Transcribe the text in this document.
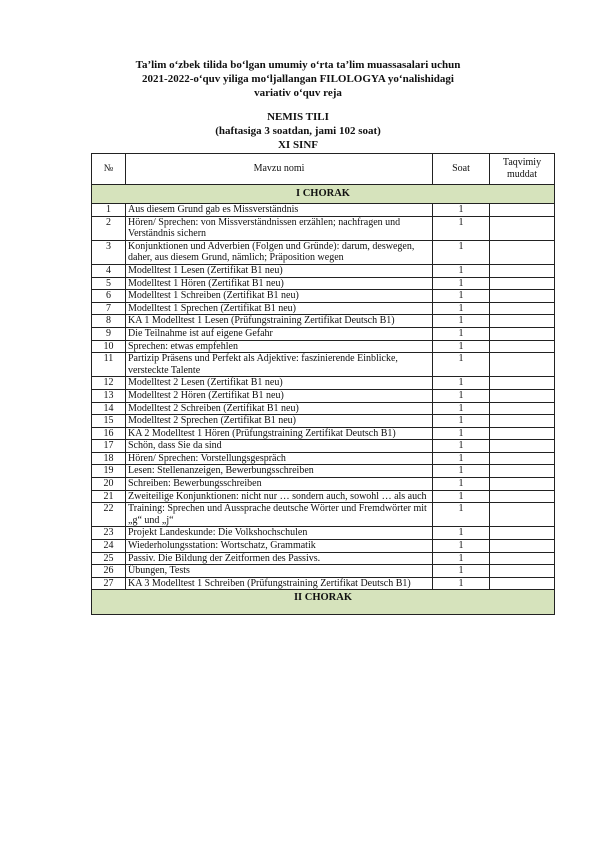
Ta’lim o‘zbek tilida bo‘lgan umumiy o‘rta ta’lim muassasalari uchun
2021-2022-o‘quv yiliga mo‘ljallangan FILOLOGYA yo‘nalishidagi
variativ o‘quv reja
NEMIS TILI
(haftasiga 3 soatdan, jami 102 soat)
XI SINF
№	Mavzu nomi	Soat	Taqvimiy muddat
I CHORAK			
1	Aus diesem Grund gab es Missverständnis	1	
2	Hören/ Sprechen: von Missverständnissen erzählen; nachfragen und Verständnis sichern	1	
3	Konjunktionen und Adverbien (Folgen und Gründe): darum, deswegen, daher, aus diesem Grund, nämlich; Präposition wegen	1	
4	Modelltest 1 Lesen (Zertifikat B1 neu)	1	
5	Modelltest 1 Hören (Zertifikat B1 neu)	1	
6	Modelltest 1 Schreiben (Zertifikat B1 neu)	1	
7	Modelltest 1 Sprechen (Zertifikat B1 neu)	1	
8	KA 1 Modelltest 1 Lesen (Prüfungstraining Zertifikat Deutsch B1)	1	
9	Die Teilnahme ist auf eigene Gefahr	1	
10	Sprechen: etwas empfehlen	1	
11	Partizip Präsens und Perfekt als Adjektive: faszinierende Einblicke, versteckte Talente	1	
12	Modelltest 2 Lesen (Zertifikat B1 neu)	1	
13	Modelltest 2 Hören (Zertifikat B1 neu)	1	
14	Modelltest 2 Schreiben (Zertifikat B1 neu)	1	
15	Modelltest 2 Sprechen (Zertifikat B1 neu)	1	
16	KA 2 Modelltest 1 Hören (Prüfungstraining Zertifikat Deutsch B1)	1	
17	Schön, dass Sie da sind	1	
18	Hören/ Sprechen: Vorstellungsgespräch	1	
19	Lesen: Stellenanzeigen, Bewerbungsschreiben	1	
20	Schreiben: Bewerbungsschreiben	1	
21	Zweiteilige Konjunktionen: nicht nur … sondern auch, sowohl … als auch	1	
22	Training: Sprechen und Aussprache deutsche Wörter und Fremdwörter mit „g“ und „j“	1	
23	Projekt Landeskunde: Die Volkshochschulen	1	
24	Wiederholungsstation: Wortschatz, Grammatik	1	
25	Passiv. Die Bildung der Zeitformen des Passivs.	1	
26	Übungen, Tests	1	
27	KA 3 Modelltest 1 Schreiben (Prüfungstraining Zertifikat Deutsch B1)	1	
II CHORAK			
